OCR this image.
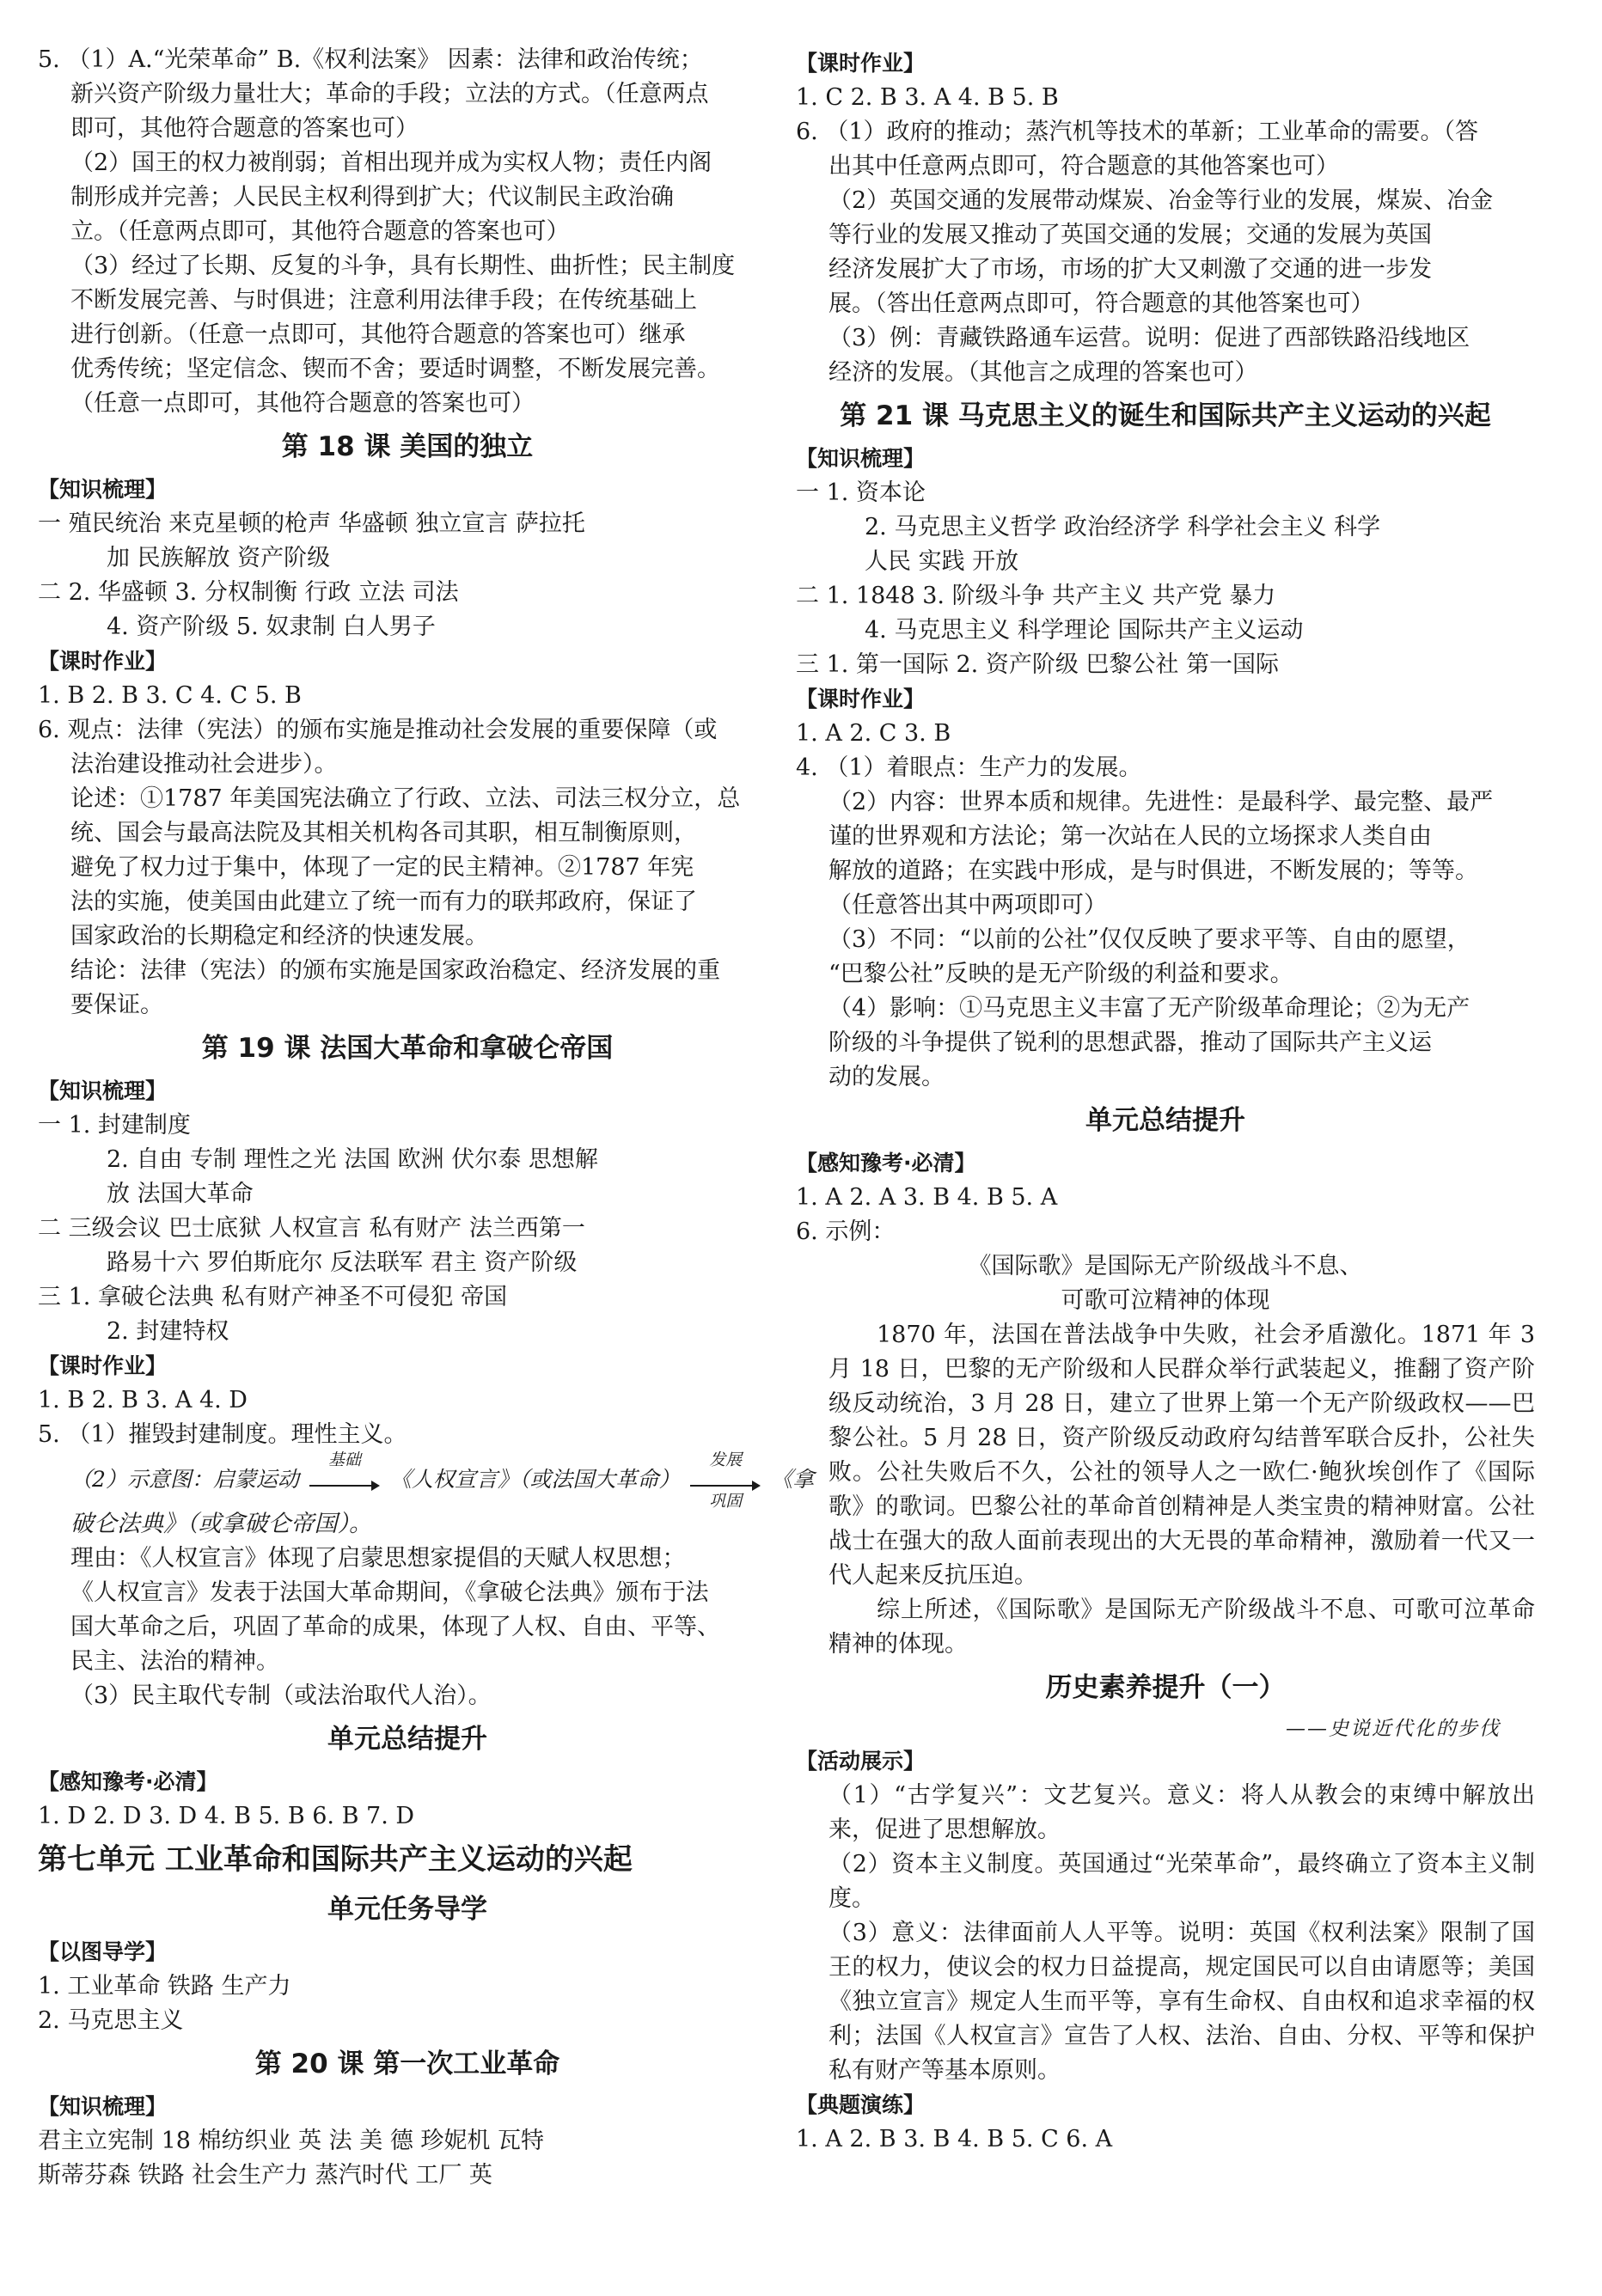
5. （1）A.“光荣革命” B.《权利法案》 因素：法律和政治传统；

新兴资产阶级力量壮大；革命的手段；立法的方式。（任意两点

即可，其他符合题意的答案也可）

（2）国王的权力被削弱；首相出现并成为实权人物；责任内阁

制形成并完善；人民民主权利得到扩大；代议制民主政治确

立。（任意两点即可，其他符合题意的答案也可）

（3）经过了长期、反复的斗争，具有长期性、曲折性；民主制度

不断发展完善、与时俱进；注意利用法律手段；在传统基础上

进行创新。（任意一点即可，其他符合题意的答案也可）继承

优秀传统；坚定信念、锲而不舍；要适时调整，不断发展完善。

（任意一点即可，其他符合题意的答案也可）

第 18 课 美国的独立
【知识梳理】

一 殖民统治 来克星顿的枪声 华盛顿 独立宣言 萨拉托

加 民族解放 资产阶级

二 2. 华盛顿 3. 分权制衡 行政 立法 司法

4. 资产阶级 5. 奴隶制 白人男子

【课时作业】

1. B 2. B 3. C 4. C 5. B

6. 观点：法律（宪法）的颁布实施是推动社会发展的重要保障（或

法治建设推动社会进步）。

论述：①1787 年美国宪法确立了行政、立法、司法三权分立，总

统、国会与最高法院及其相关机构各司其职，相互制衡原则，

避免了权力过于集中，体现了一定的民主精神。②1787 年宪

法的实施，使美国由此建立了统一而有力的联邦政府，保证了

国家政治的长期稳定和经济的快速发展。

结论：法律（宪法）的颁布实施是国家政治稳定、经济发展的重

要保证。

第 19 课 法国大革命和拿破仑帝国
【知识梳理】

一 1. 封建制度

2. 自由 专制 理性之光 法国 欧洲 伏尔泰 思想解

放 法国大革命

二 三级会议 巴士底狱 人权宣言 私有财产 法兰西第一

路易十六 罗伯斯庇尔 反法联军 君主 资产阶级

三 1. 拿破仑法典 私有财产神圣不可侵犯 帝国

2. 封建特权

【课时作业】

1. B 2. B 3. A 4. D

5. （1）摧毁封建制度。理性主义。

（2）示意图：启蒙运动
基础
《人权宣言》（或法国大革命）
发展
巩固
《拿

破仑法典》（或拿破仑帝国）。

理由：《人权宣言》体现了启蒙思想家提倡的天赋人权思想；

《人权宣言》发表于法国大革命期间，《拿破仑法典》颁布于法

国大革命之后，巩固了革命的成果，体现了人权、自由、平等、

民主、法治的精神。

（3）民主取代专制（或法治取代人治）。

单元总结提升
【感知豫考·必清】

1. D 2. D 3. D 4. B 5. B 6. B 7. D

第七单元 工业革命和国际共产主义运动的兴起
单元任务导学
【以图导学】

1. 工业革命 铁路 生产力

2. 马克思主义

第 20 课 第一次工业革命
【知识梳理】

君主立宪制 18 棉纺织业 英 法 美 德 珍妮机 瓦特

斯蒂芬森 铁路 社会生产力 蒸汽时代 工厂 英

【课时作业】

1. C 2. B 3. A 4. B 5. B

6. （1）政府的推动；蒸汽机等技术的革新；工业革命的需要。（答

出其中任意两点即可，符合题意的其他答案也可）

（2）英国交通的发展带动煤炭、冶金等行业的发展，煤炭、冶金

等行业的发展又推动了英国交通的发展；交通的发展为英国

经济发展扩大了市场，市场的扩大又刺激了交通的进一步发

展。（答出任意两点即可，符合题意的其他答案也可）

（3）例：青藏铁路通车运营。说明：促进了西部铁路沿线地区

经济的发展。（其他言之成理的答案也可）

第 21 课 马克思主义的诞生和国际共产主义运动的兴起
【知识梳理】

一 1. 资本论

2. 马克思主义哲学 政治经济学 科学社会主义 科学

人民 实践 开放

二 1. 1848 3. 阶级斗争 共产主义 共产党 暴力

4. 马克思主义 科学理论 国际共产主义运动

三 1. 第一国际 2. 资产阶级 巴黎公社 第一国际

【课时作业】

1. A 2. C 3. B

4. （1）着眼点：生产力的发展。

（2）内容：世界本质和规律。先进性：是最科学、最完整、最严

谨的世界观和方法论；第一次站在人民的立场探求人类自由

解放的道路；在实践中形成，是与时俱进，不断发展的；等等。

（任意答出其中两项即可）

（3）不同：“以前的公社”仅仅反映了要求平等、自由的愿望，

“巴黎公社”反映的是无产阶级的利益和要求。

（4）影响：①马克思主义丰富了无产阶级革命理论；②为无产

阶级的斗争提供了锐利的思想武器，推动了国际共产主义运

动的发展。

单元总结提升
【感知豫考·必清】

1. A 2. A 3. B 4. B 5. A

6. 示例：

《国际歌》是国际无产阶级战斗不息、

可歌可泣精神的体现

1870 年，法国在普法战争中失败，社会矛盾激化。1871 年 3 月 18 日，巴黎的无产阶级和人民群众举行武装起义，推翻了资产阶级反动统治，3 月 28 日，建立了世界上第一个无产阶级政权——巴黎公社。5 月 28 日，资产阶级反动政府勾结普军联合反扑，公社失败。公社失败后不久，公社的领导人之一欧仁·鲍狄埃创作了《国际歌》的歌词。巴黎公社的革命首创精神是人类宝贵的精神财富。公社战士在强大的敌人面前表现出的大无畏的革命精神，激励着一代又一代人起来反抗压迫。

综上所述，《国际歌》是国际无产阶级战斗不息、可歌可泣革命精神的体现。

历史素养提升（一）
——史说近代化的步伐
【活动展示】

（1）“古学复兴”：文艺复兴。意义：将人从教会的束缚中解放出来，促进了思想解放。

（2）资本主义制度。英国通过“光荣革命”，最终确立了资本主义制度。

（3）意义：法律面前人人平等。说明：英国《权利法案》限制了国王的权力，使议会的权力日益提高，规定国民可以自由请愿等；美国《独立宣言》规定人生而平等，享有生命权、自由权和追求幸福的权利；法国《人权宣言》宣告了人权、法治、自由、分权、平等和保护私有财产等基本原则。

【典题演练】

1. A 2. B 3. B 4. B 5. C 6. A
